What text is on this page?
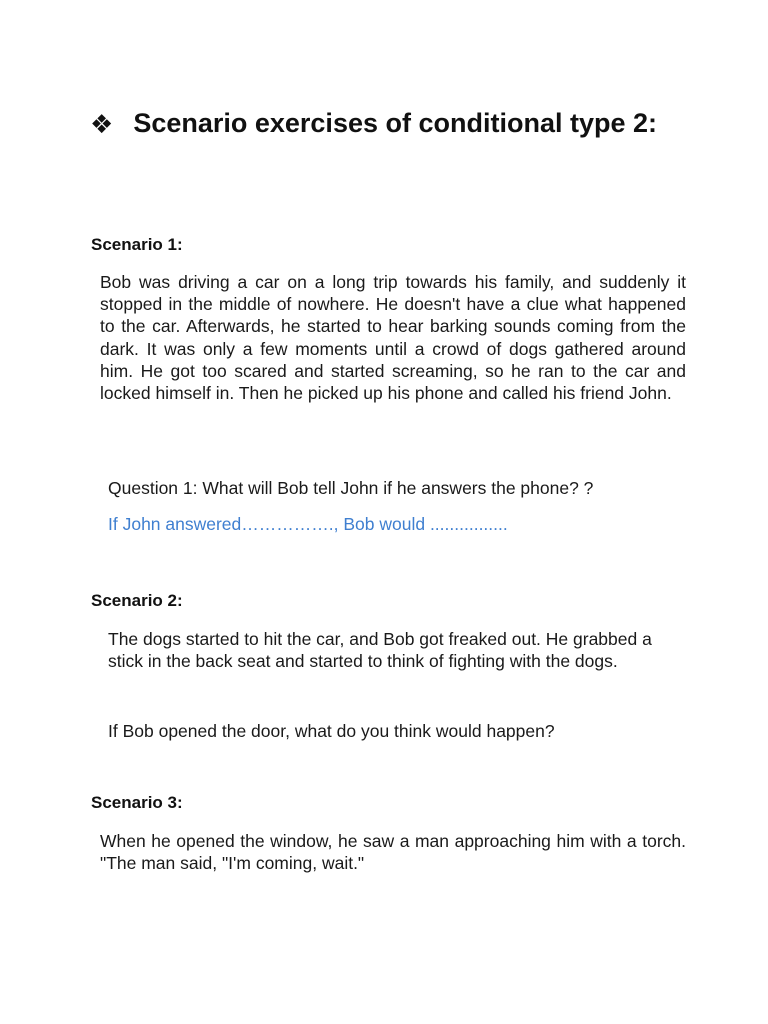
❖ Scenario exercises of conditional type 2:
Scenario 1:
Bob was driving a car on a long trip towards his family, and suddenly it stopped in the middle of nowhere. He doesn't have a clue what happened to the car. Afterwards, he started to hear barking sounds coming from the dark. It was only a few moments until a crowd of dogs gathered around him. He got too scared and started screaming, so he ran to the car and locked himself in. Then he picked up his phone and called his friend John.
Question 1: What will Bob tell John if he answers the phone? ?
If John answered……………., Bob would ................
Scenario 2:
The dogs started to hit the car, and Bob got freaked out. He grabbed a stick in the back seat and started to think of fighting with the dogs.
If Bob opened the door, what do you think would happen?
Scenario 3:
When he opened the window, he saw a man approaching him with a torch. "The man said, "I'm coming, wait."
